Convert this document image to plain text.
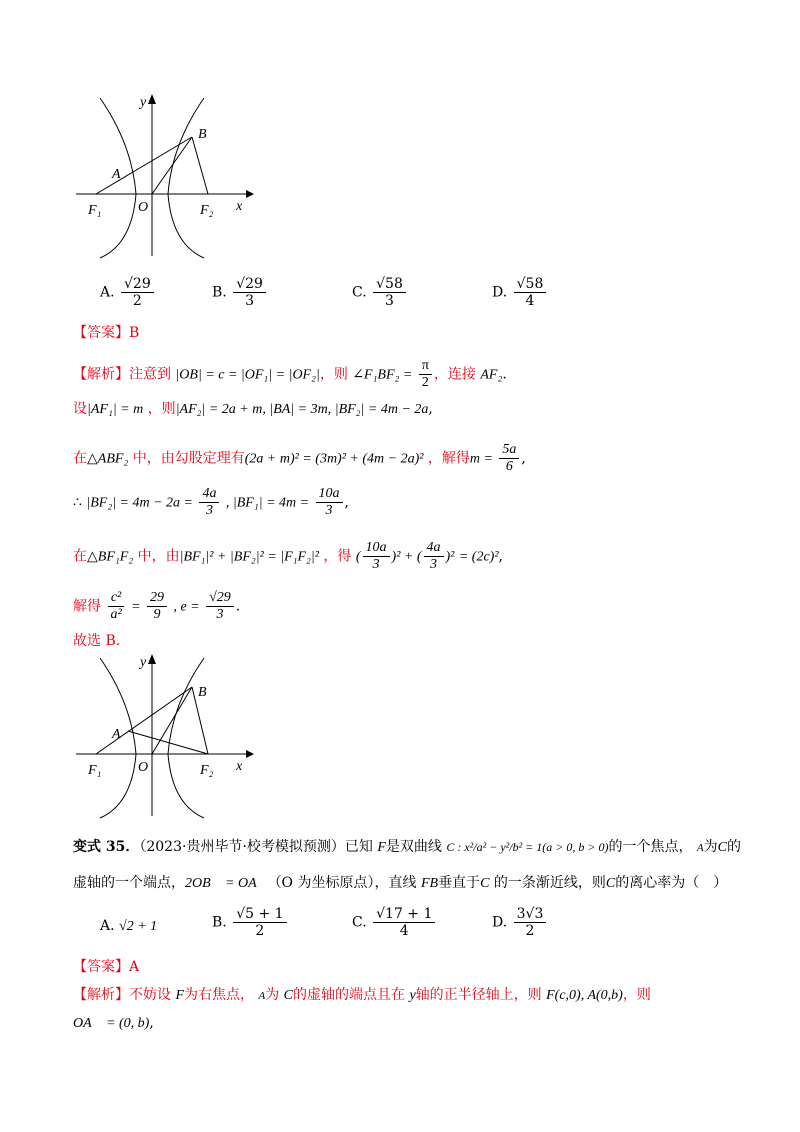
y
x
B
A
O
F₁	F₂
A. $\frac{√29}{2}$	B. $\frac{√29}{3}$	C. $\frac{√58}{3}$	D. $\frac{√58}{4}$
【答案】B
【解析】注意到 |OB| = c = |OF₁| = |OF₂|，则 ∠F₁BF₂ = $\frac{\pi}{2}$ ，连接 AF₂.
设|AF₁| = m ，则|AF₂| = 2a + m, |BA| = 3m, |BF₂| = 4m − 2a,
在△ABF₂ 中，由勾股定理有(2a + m)² = (3m)² + (4m − 2a)² ，解得$m = \frac{5a}{6}$ ,
∴ $|BF_2| = 4m - 2a = \frac{4a}{3}$ , $|BF_1| = 4m = \frac{10a}{3}$ ,
在△BF₁F₂ 中，由|BF₁|² + |BF₂|² = |F₁F₂|² ，得 ( $\frac{10a}{3} )^2$ + ( $\frac{4a}{3} )^2 = (2c)^2$,
解得 $\frac{\text{c²}}{\text{a²}} = \frac{29}{9}$ , $e = \frac{√29}{3}$ .
故选 B.
y
x
B
A
O
F₁	F₂
变式 35．（2023·贵州毕节·校考模拟预测）已知 F是双曲线 C : x²/a² − y²/b² = 1(a > 0, b > 0)的一个焦点， A为C的
虚轴的一个端点，2OB⃗ = OA⃗（O 为坐标原点），直线 FB垂直于C 的一条渐近线，则C的离心率为（　）
A. √2 + 1	B. $\frac{√5 + 1}{2}$	C. $\frac{√17 + 1}{4}$	D. $\frac{3√3}{2}$
【答案】A
【解析】不妨设 F为右焦点， A为 C的虚轴的端点且在 y轴的正半径轴上，则 F(c,0), A(0,b)，则
OA⃗ = (0, b),
